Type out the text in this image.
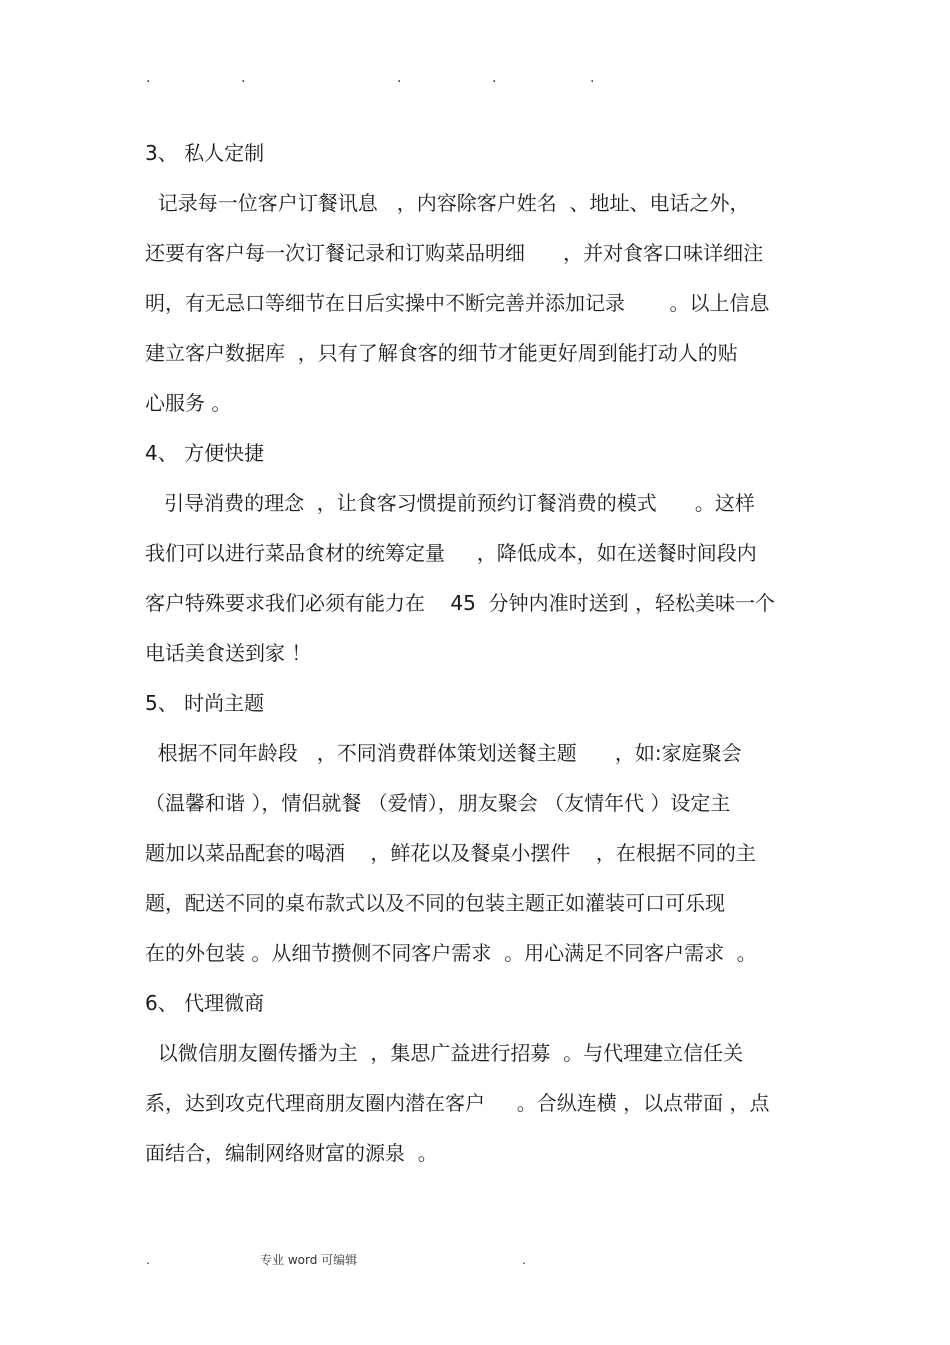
.	.	.	.	.
3、 私人定制
记录每一位客户订餐讯息   ，内容除客户姓名  、地址、电话之外，
还要有客户每一次订餐记录和订购菜品明细      ，并对食客口味详细注
明，有无忌口等细节在日后实操中不断完善并添加记录       。以上信息
建立客户数据库  ，只有了解食客的细节才能更好周到能打动人的贴
心服务 。
4、 方便快捷
引导消费的理念  ，让食客习惯提前预约订餐消费的模式      。这样
我们可以进行菜品食材的统筹定量     ，降低成本，如在送餐时间段内
客户特殊要求我们必须有能力在    45  分钟内准时送到 ，轻松美味一个
电话美食送到家 ！
5、 时尚主题
根据不同年龄段   ，不同消费群体策划送餐主题      ，如:家庭聚会
（温馨和谐 ），情侣就餐 （爱情），朋友聚会 （友情年代 ）设定主
题加以菜品配套的喝酒    ，鲜花以及餐桌小摆件    ，在根据不同的主
题，配送不同的桌布款式以及不同的包装主题正如灌装可口可乐现
在的外包装 。从细节攒侧不同客户需求  。用心满足不同客户需求  。
6、 代理微商
以微信朋友圈传播为主  ，集思广益进行招募  。与代理建立信任关
系，达到攻克代理商朋友圈内潜在客户     。合纵连横 ，以点带面 ，点
面结合，编制网络财富的源泉  。
.	专业 word 可编辑	.
